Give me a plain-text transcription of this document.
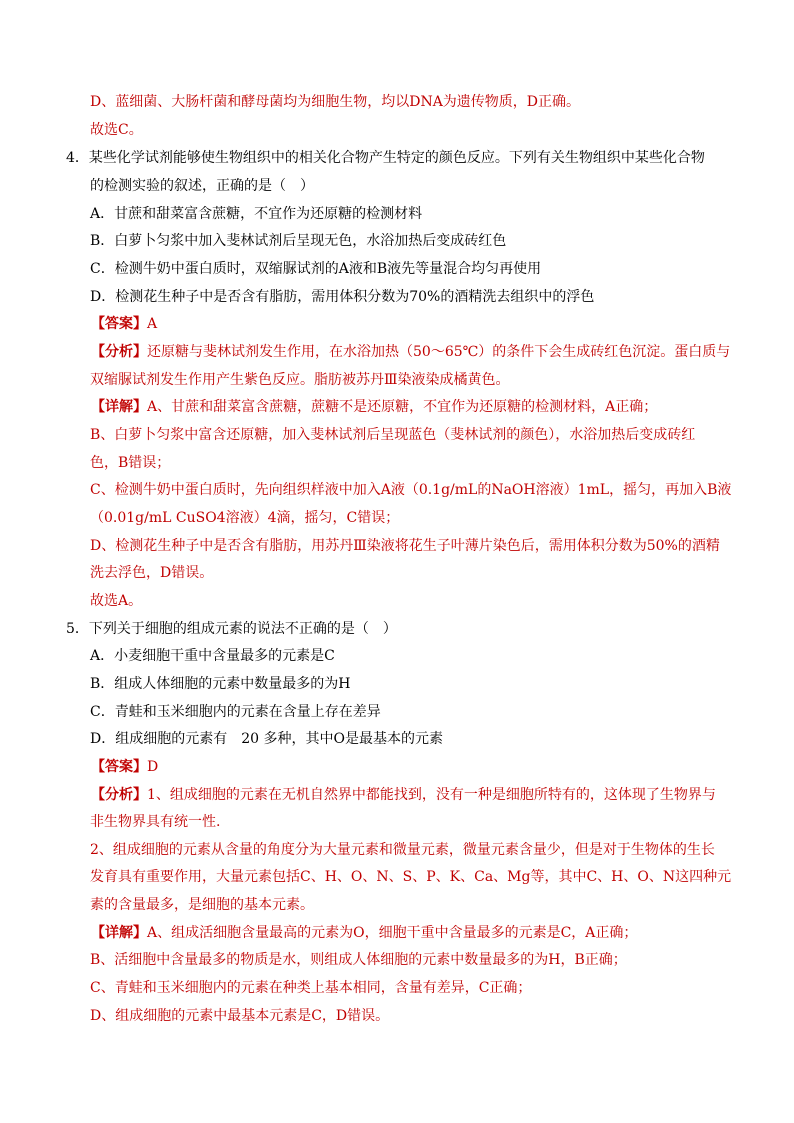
D、蓝细菌、大肠杆菌和酵母菌均为细胞生物，均以DNA为遗传物质，D正确。
故选C。
4．某些化学试剂能够使生物组织中的相关化合物产生特定的颜色反应。下列有关生物组织中某些化合物
的检测实验的叙述，正确的是（　）
A．甘蔗和甜菜富含蔗糖，不宜作为还原糖的检测材料
B．白萝卜匀浆中加入斐林试剂后呈现无色，水浴加热后变成砖红色
C．检测牛奶中蛋白质时，双缩脲试剂的A液和B液先等量混合均匀再使用
D．检测花生种子中是否含有脂肪，需用体积分数为70%的酒精洗去组织中的浮色
【答案】A
【分析】还原糖与斐林试剂发生作用，在水浴加热（50～65℃）的条件下会生成砖红色沉淀。蛋白质与
双缩脲试剂发生作用产生紫色反应。脂肪被苏丹Ⅲ染液染成橘黄色。
【详解】A、甘蔗和甜菜富含蔗糖，蔗糖不是还原糖，不宜作为还原糖的检测材料，A正确；
B、白萝卜匀浆中富含还原糖，加入斐林试剂后呈现蓝色（斐林试剂的颜色），水浴加热后变成砖红
色，B错误；
C、检测牛奶中蛋白质时，先向组织样液中加入A液（0.1g/mL的NaOH溶液）1mL，摇匀，再加入B液
（0.01g/mL CuSO4溶液）4滴，摇匀，C错误；
D、检测花生种子中是否含有脂肪，用苏丹Ⅲ染液将花生子叶薄片染色后，需用体积分数为50%的酒精
洗去浮色，D错误。
故选A。
5．下列关于细胞的组成元素的说法不正确的是（　）
A．小麦细胞干重中含量最多的元素是C
B．组成人体细胞的元素中数量最多的为H
C．青蛙和玉米细胞内的元素在含量上存在差异
D．组成细胞的元素有　20 多种，其中O是最基本的元素
【答案】D
【分析】1、组成细胞的元素在无机自然界中都能找到，没有一种是细胞所特有的，这体现了生物界与
非生物界具有统一性.
2、组成细胞的元素从含量的角度分为大量元素和微量元素，微量元素含量少，但是对于生物体的生长
发育具有重要作用，大量元素包括C、H、O、N、S、P、K、Ca、Mg等，其中C、H、O、N这四种元
素的含量最多，是细胞的基本元素。
【详解】A、组成活细胞含量最高的元素为O，细胞干重中含量最多的元素是C，A正确；
B、活细胞中含量最多的物质是水，则组成人体细胞的元素中数量最多的为H，B正确；
C、青蛙和玉米细胞内的元素在种类上基本相同，含量有差异，C正确；
D、组成细胞的元素中最基本元素是C，D错误。
